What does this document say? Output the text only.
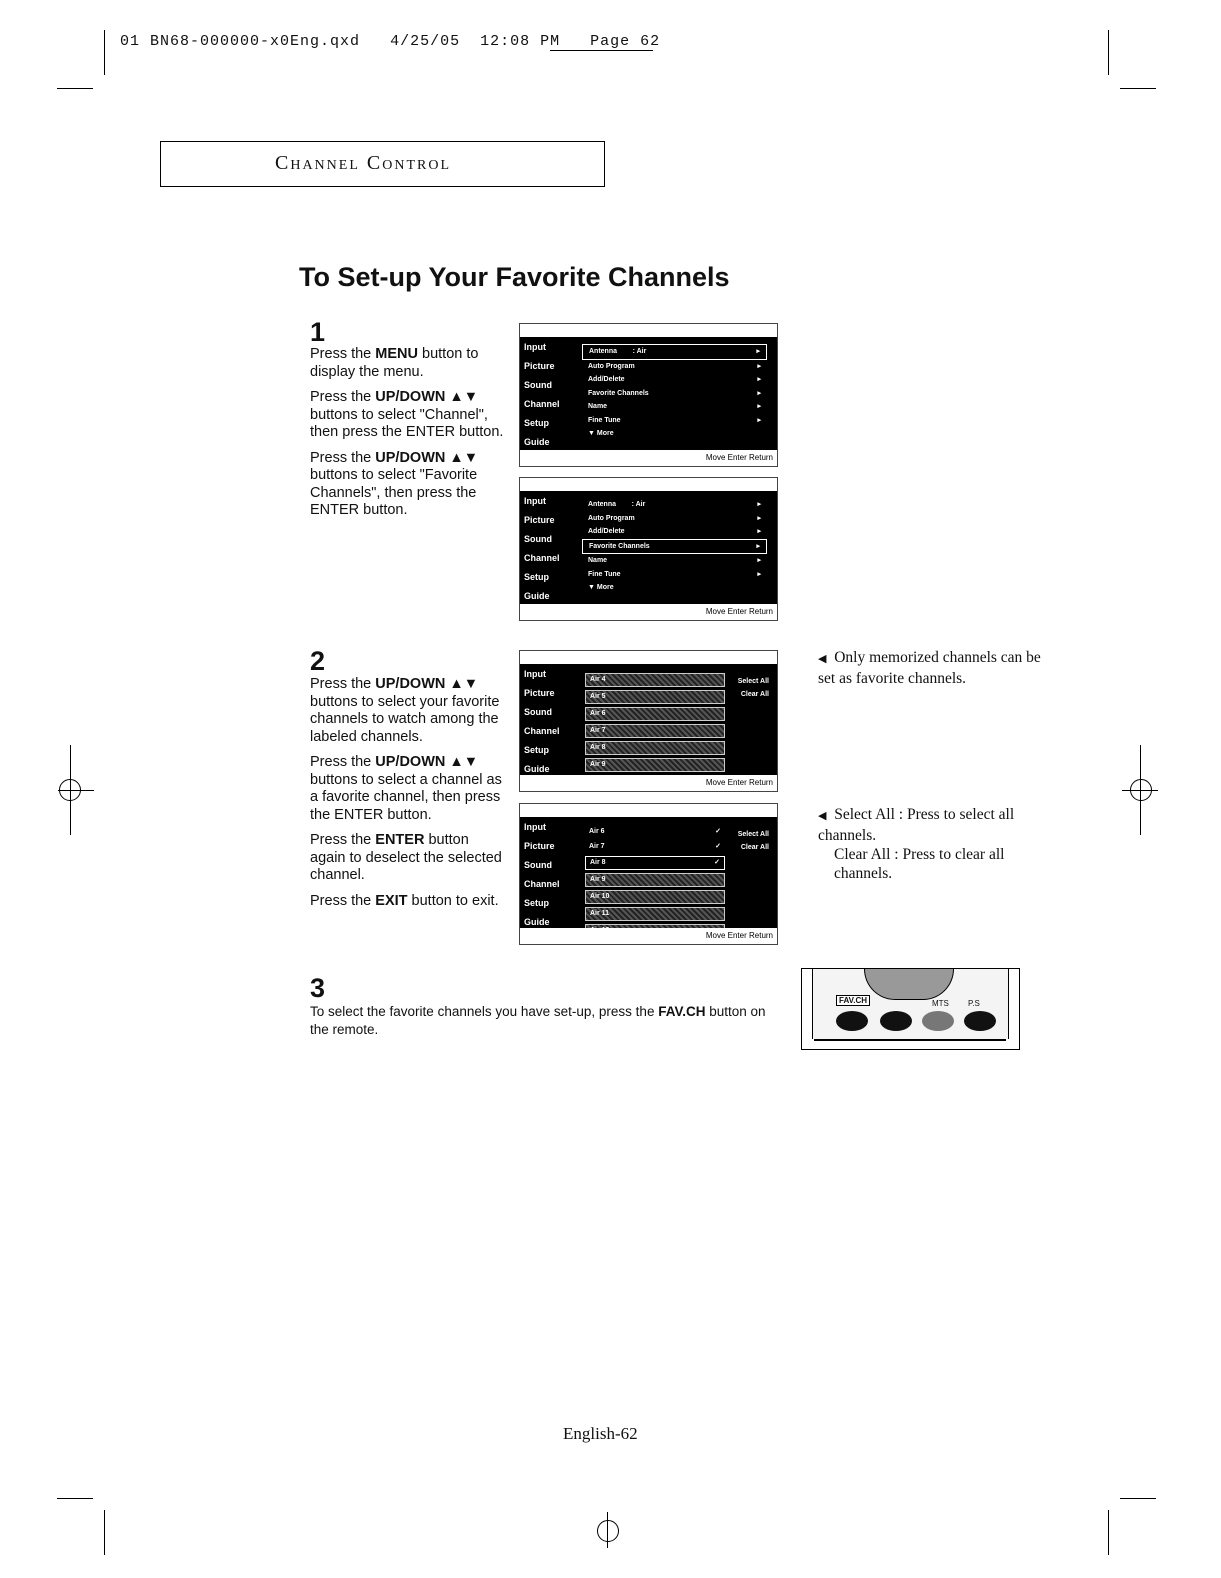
01 BN68-000000-x0Eng.qxd 4/25/05 12:08 PM Page 62
Channel Control
To Set-up Your Favorite Channels
1

Press the MENU button to display the menu.

Press the UP/DOWN ▲▼ buttons to select "Channel", then press the ENTER button.

Press the UP/DOWN ▲▼ buttons to select "Favorite Channels", then press the ENTER button.

Input
Picture
Sound
Channel
Setup
Guide
Antenna : Air	▸
Auto Program	▸
Add/Delete	▸
Favorite Channels	▸
Name	▸
Fine Tune	▸
▼ More
Move Enter Return
Input
Picture
Sound
Channel
Setup
Guide
Antenna : Air	▸
Auto Program	▸
Add/Delete	▸
Favorite Channels	▸
Name	▸
Fine Tune	▸
▼ More
Move Enter Return
2

Press the UP/DOWN ▲▼ buttons to select your favorite channels to watch among the labeled channels.

Press the UP/DOWN ▲▼ buttons to select a channel as a favorite channel, then press the ENTER button.

Press the ENTER button again to deselect the selected channel.

Press the EXIT button to exit.

Input
Picture
Sound
Channel
Setup
Guide
Air 4
Air 5
Air 6
Air 7
Air 8
Air 9
Select All
Clear All
Move Enter Return
Input
Picture
Sound
Channel
Setup
Guide
Air 6	✓
Air 7	✓
Air 8	✓
Air 9
Air 10
Air 11
Select All
Clear All
Move Enter Return
◀ Only memorized channels can be set as favorite channels.
◀ Select All : Press to select all channels.
Clear All : Press to clear all channels.
3

To select the favorite channels you have set-up, press the FAV.CH button on the remote.

FAV.CH	MTS P.S
English-62
